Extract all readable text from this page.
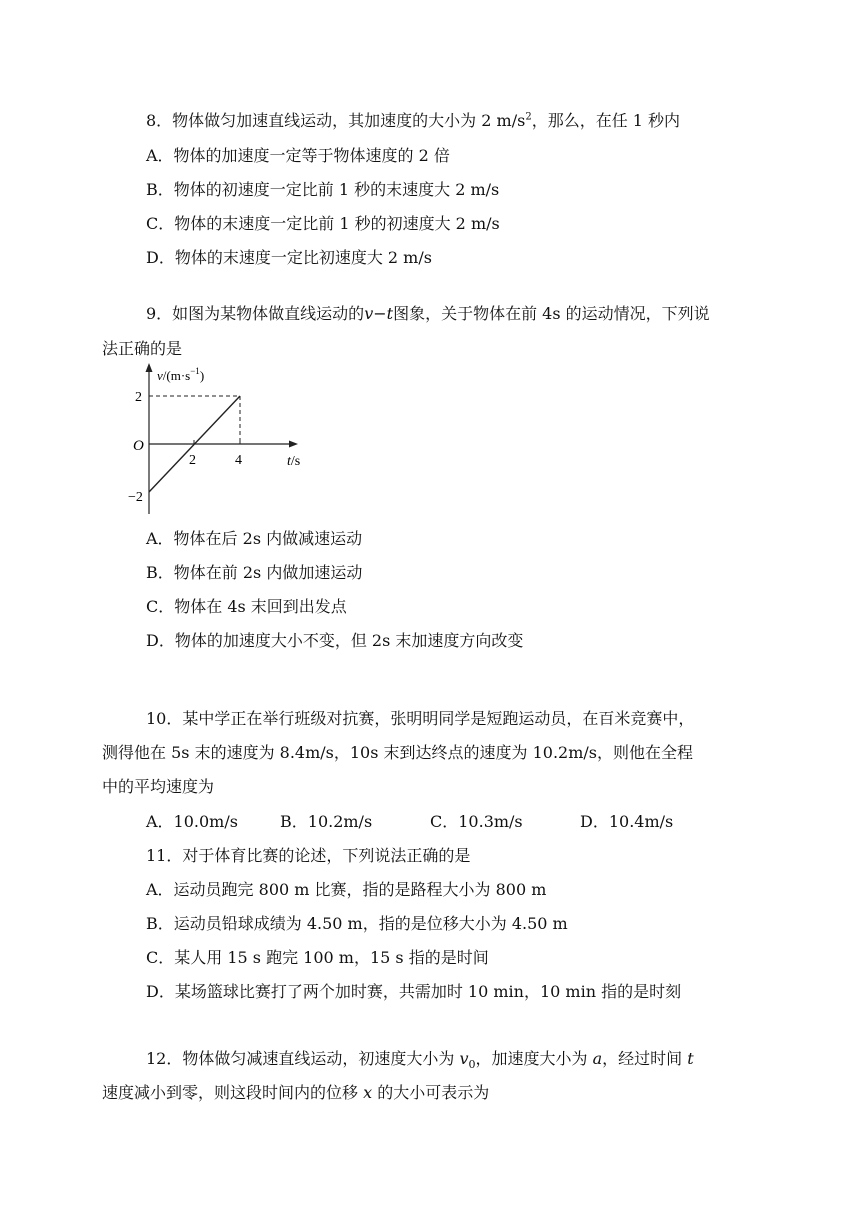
8．物体做匀加速直线运动，其加速度的大小为 2 $m/s^2$，那么，在任 1 秒内
A．物体的加速度一定等于物体速度的 2 倍
B．物体的初速度一定比前 1 秒的末速度大 2 m/s
C．物体的末速度一定比前 1 秒的初速度大 2 m/s
D．物体的末速度一定比初速度大 2 m/s
9．如图为某物体做直线运动的v−t图象，关于物体在前 4s 的运动情况，下列说
法正确的是
$v/(m\cdot s^{-1})$
2
O
−2
2	4	t/s
A．物体在后 2s 内做减速运动
B．物体在前 2s 内做加速运动
C．物体在 4s 末回到出发点
D．物体的加速度大小不变，但 2s 末加速度方向改变
10．某中学正在举行班级对抗赛，张明明同学是短跑运动员，在百米竞赛中，
测得他在 5s 末的速度为 8.4m/s，10s 末到达终点的速度为 10.2m/s，则他在全程
中的平均速度为
A．10.0m/s	B．10.2m/s	C．10.3m/s	D．10.4m/s
11．对于体育比赛的论述，下列说法正确的是
A．运动员跑完 800 m 比赛，指的是路程大小为 800 m
B．运动员铅球成绩为 4.50 m，指的是位移大小为 4.50 m
C．某人用 15 s 跑完 100 m，15 s 指的是时间
D．某场篮球比赛打了两个加时赛，共需加时 10 min，10 min 指的是时刻
12．物体做匀减速直线运动，初速度大小为 $v_0$，加速度大小为 a，经过时间 t
速度减小到零，则这段时间内的位移 x 的大小可表示为
